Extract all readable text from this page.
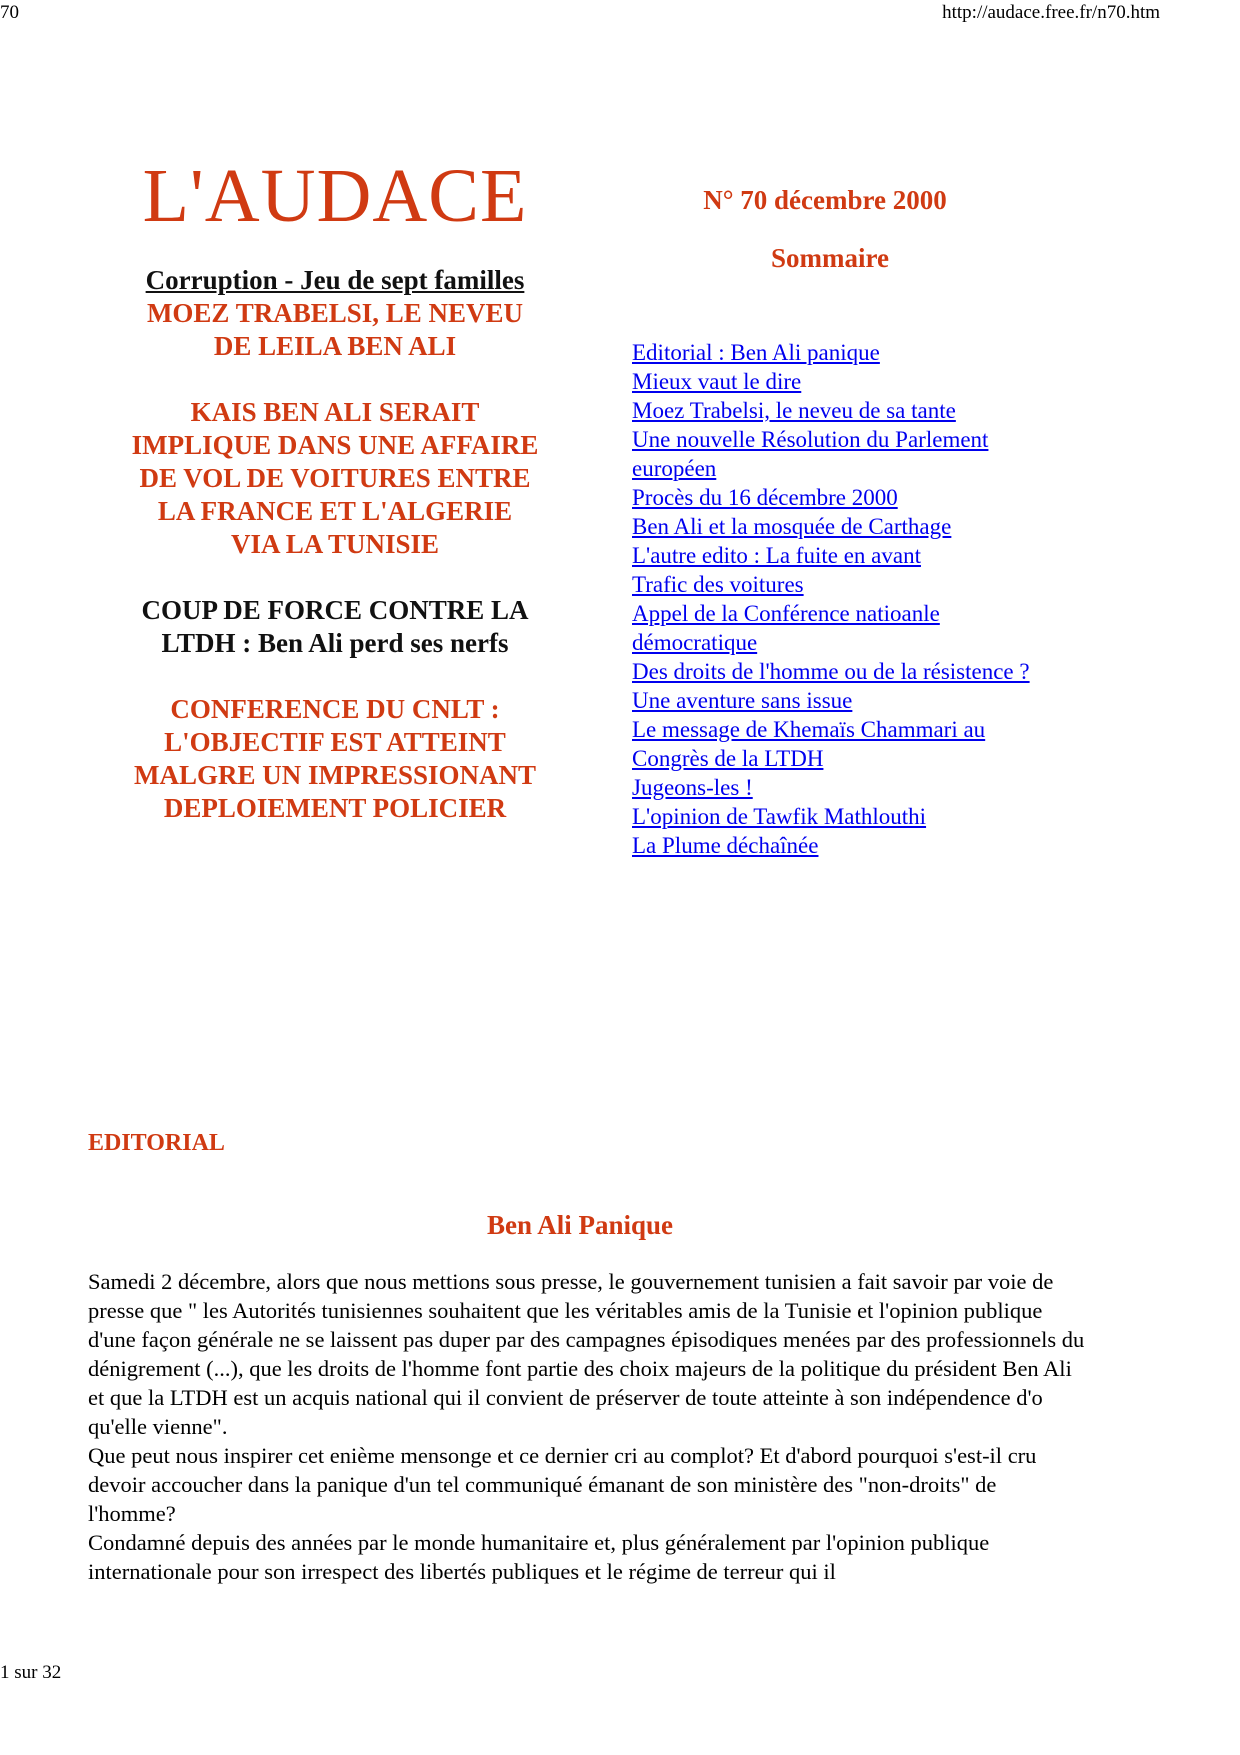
70	http://audace.free.fr/n70.htm
L'AUDACE
Corruption - Jeu de sept familles
MOEZ TRABELSI, LE NEVEU DE LEILA BEN ALI
KAIS BEN ALI SERAIT IMPLIQUE DANS UNE AFFAIRE DE VOL DE VOITURES ENTRE LA FRANCE ET L'ALGERIE VIA LA TUNISIE
COUP DE FORCE CONTRE LA LTDH : Ben Ali perd ses nerfs
CONFERENCE DU CNLT : L'OBJECTIF EST ATTEINT MALGRE UN IMPRESSIONANT DEPLOIEMENT POLICIER

N° 70 décembre 2000

Sommaire

Editorial : Ben Ali panique
Mieux vaut le dire
Moez Trabelsi, le neveu de sa tante
Une nouvelle Résolution du Parlement européen
Procès du 16 décembre 2000
Ben Ali et la mosquée de Carthage
L'autre edito : La fuite en avant
Trafic des voitures
Appel de la Conférence natioanle démocratique
Des droits de l'homme ou de la résistence ?
Une aventure sans issue
Le message de Khemaïs Chammari au Congrès de la LTDH
Jugeons-les !
L'opinion de Tawfik Mathlouthi
La Plume déchaînée
EDITORIAL
Ben Ali Panique

Samedi 2 décembre, alors que nous mettions sous presse, le gouvernement tunisien a fait savoir par voie de presse que " les Autorités tunisiennes souhaitent que les véritables amis de la Tunisie et l'opinion publique d'une façon générale ne se laissent pas duper par des campagnes épisodiques menées par des professionnels du dénigrement (...), que les droits de l'homme font partie des choix majeurs de la politique du président Ben Ali et que la LTDH est un acquis national qui il convient de préserver de toute atteinte à son indépendence d'o qu'elle vienne".

Que peut nous inspirer cet enième mensonge et ce dernier cri au complot? Et d'abord pourquoi s'est-il cru devoir accoucher dans la panique d'un tel communiqué émanant de son ministère des "non-droits" de l'homme?

Condamné depuis des années par le monde humanitaire et, plus généralement par l'opinion publique internationale pour son irrespect des libertés publiques et le régime de terreur qui il

1 sur 32
